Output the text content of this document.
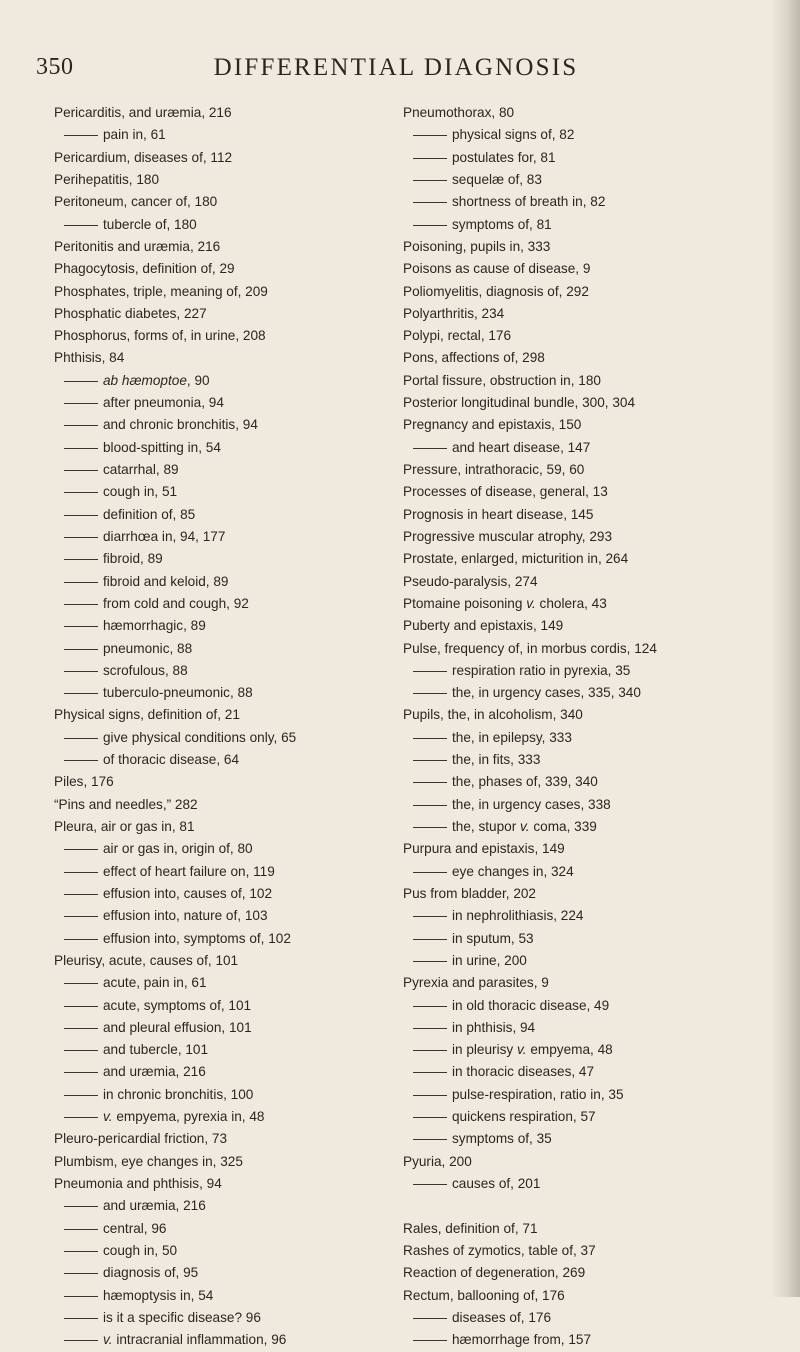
350	DIFFERENTIAL DIAGNOSIS
Pericarditis, and uræmia, 216
pain in, 61
Pericardium, diseases of, 112
Perihepatitis, 180
Peritoneum, cancer of, 180
tubercle of, 180
Peritonitis and uræmia, 216
Phagocytosis, definition of, 29
Phosphates, triple, meaning of, 209
Phosphatic diabetes, 227
Phosphorus, forms of, in urine, 208
Phthisis, 84
ab hæmoptoe, 90
after pneumonia, 94
and chronic bronchitis, 94
blood-spitting in, 54
catarrhal, 89
cough in, 51
definition of, 85
diarrhœa in, 94, 177
fibroid, 89
fibroid and keloid, 89
from cold and cough, 92
hæmorrhagic, 89
pneumonic, 88
scrofulous, 88
tuberculo-pneumonic, 88
Physical signs, definition of, 21
give physical conditions only, 65
of thoracic disease, 64
Piles, 176
“Pins and needles,” 282
Pleura, air or gas in, 81
air or gas in, origin of, 80
effect of heart failure on, 119
effusion into, causes of, 102
effusion into, nature of, 103
effusion into, symptoms of, 102
Pleurisy, acute, causes of, 101
acute, pain in, 61
acute, symptoms of, 101
and pleural effusion, 101
and tubercle, 101
and uræmia, 216
in chronic bronchitis, 100
v. empyema, pyrexia in, 48
Pleuro-pericardial friction, 73
Plumbism, eye changes in, 325
Pneumonia and phthisis, 94
and uræmia, 216
central, 96
cough in, 50
diagnosis of, 95
hæmoptysis in, 54
is it a specific disease? 96
v. intracranial inflammation, 96
Pneumothorax, 80
physical signs of, 82
postulates for, 81
sequelæ of, 83
shortness of breath in, 82
symptoms of, 81
Poisoning, pupils in, 333
Poisons as cause of disease, 9
Poliomyelitis, diagnosis of, 292
Polyarthritis, 234
Polypi, rectal, 176
Pons, affections of, 298
Portal fissure, obstruction in, 180
Posterior longitudinal bundle, 300, 304
Pregnancy and epistaxis, 150
and heart disease, 147
Pressure, intrathoracic, 59, 60
Processes of disease, general, 13
Prognosis in heart disease, 145
Progressive muscular atrophy, 293
Prostate, enlarged, micturition in, 264
Pseudo-paralysis, 274
Ptomaine poisoning v. cholera, 43
Puberty and epistaxis, 149
Pulse, frequency of, in morbus cordis, 124
respiration ratio in pyrexia, 35
the, in urgency cases, 335, 340
Pupils, the, in alcoholism, 340
the, in epilepsy, 333
the, in fits, 333
the, phases of, 339, 340
the, in urgency cases, 338
the, stupor v. coma, 339
Purpura and epistaxis, 149
eye changes in, 324
Pus from bladder, 202
in nephrolithiasis, 224
in sputum, 53
in urine, 200
Pyrexia and parasites, 9
in old thoracic disease, 49
in phthisis, 94
in pleurisy v. empyema, 48
in thoracic diseases, 47
pulse-respiration, ratio in, 35
quickens respiration, 57
symptoms of, 35
Pyuria, 200
causes of, 201
Rales, definition of, 71
Rashes of zymotics, table of, 37
Reaction of degeneration, 269
Rectum, ballooning of, 176
diseases of, 176
hæmorrhage from, 157
